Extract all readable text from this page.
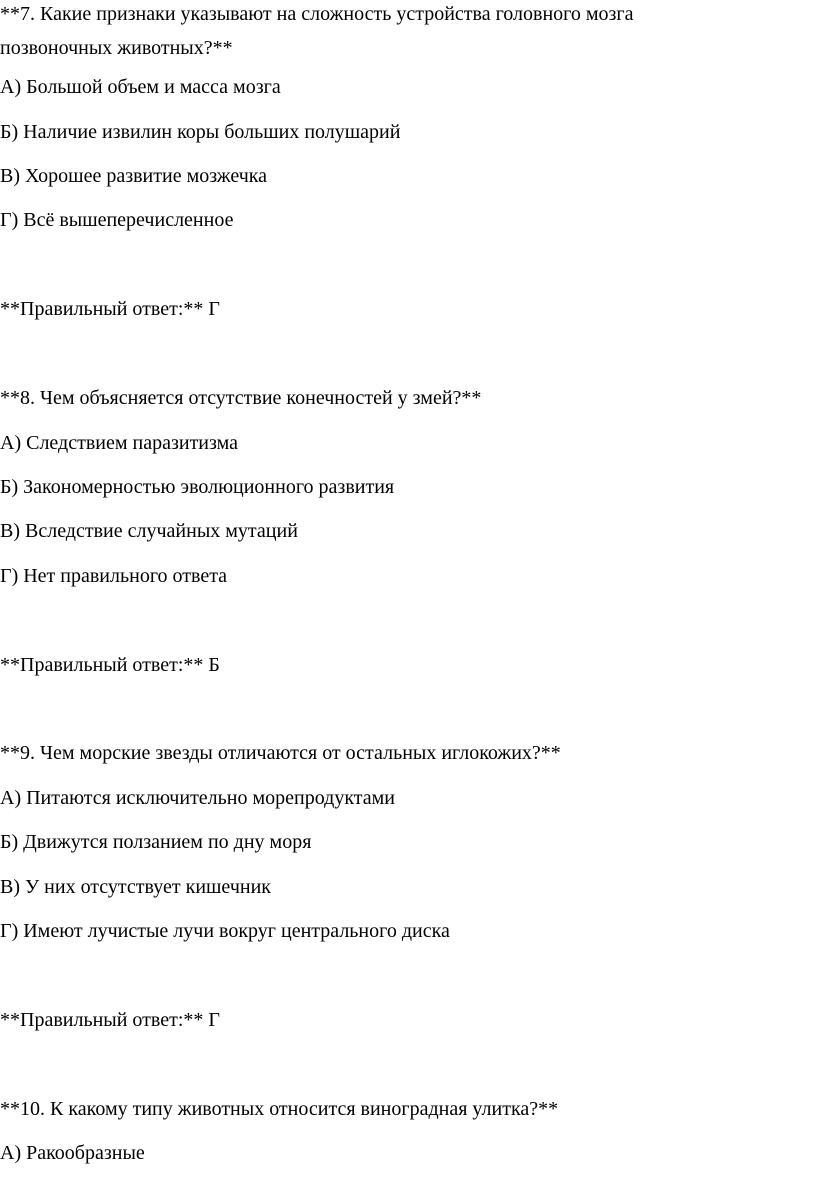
**7. Какие признаки указывают на сложность устройства головного мозга

позвоночных животных?**

А) Большой объем и масса мозга

Б) Наличие извилин коры больших полушарий

В) Хорошее развитие мозжечка

Г) Всё вышеперечисленное

**Правильный ответ:** Г

**8. Чем объясняется отсутствие конечностей у змей?**

А) Следствием паразитизма

Б) Закономерностью эволюционного развития

В) Вследствие случайных мутаций

Г) Нет правильного ответа

**Правильный ответ:** Б

**9. Чем морские звезды отличаются от остальных иглокожих?**

А) Питаются исключительно морепродуктами

Б) Движутся ползанием по дну моря

В) У них отсутствует кишечник

Г) Имеют лучистые лучи вокруг центрального диска

**Правильный ответ:** Г

**10. К какому типу животных относится виноградная улитка?**

А) Ракообразные
